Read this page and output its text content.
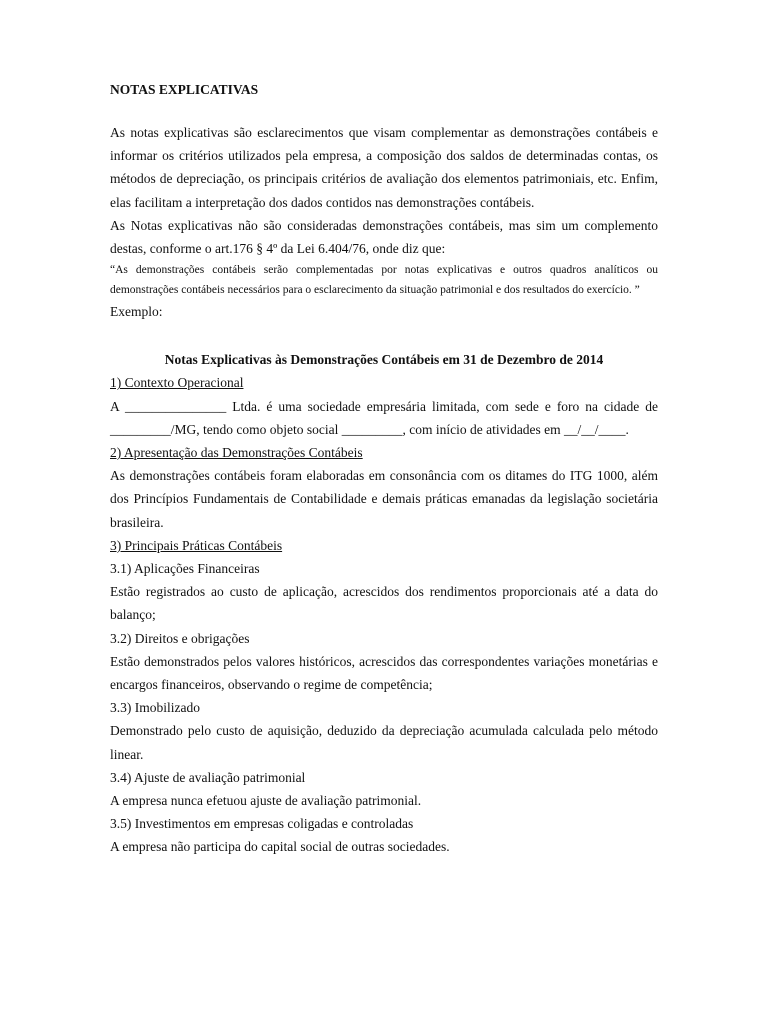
NOTAS EXPLICATIVAS

As notas explicativas são esclarecimentos que visam complementar as demonstrações contábeis e informar os critérios utilizados pela empresa, a composição dos saldos de determinadas contas, os métodos de depreciação, os principais critérios de avaliação dos elementos patrimoniais, etc. Enfim, elas facilitam a interpretação dos dados contidos nas demonstrações contábeis.

As Notas explicativas não são consideradas demonstrações contábeis, mas sim um complemento destas, conforme o art.176 § 4º da Lei 6.404/76, onde diz que:

“As demonstrações contábeis serão complementadas por notas explicativas e outros quadros analíticos ou demonstrações contábeis necessários para o esclarecimento da situação patrimonial e dos resultados do exercício. ”

Exemplo:

Notas Explicativas às Demonstrações Contábeis em 31 de Dezembro de 2014

1) Contexto Operacional

A _______________ Ltda. é uma sociedade empresária limitada, com sede e foro na cidade de _________/MG, tendo como objeto social _________, com início de atividades em __/__/____.

2) Apresentação das Demonstrações Contábeis

As demonstrações contábeis foram elaboradas em consonância com os ditames do ITG 1000, além dos Princípios Fundamentais de Contabilidade e demais práticas emanadas da legislação societária brasileira.

3) Principais Práticas Contábeis

3.1) Aplicações Financeiras

Estão registrados ao custo de aplicação, acrescidos dos rendimentos proporcionais até a data do balanço;

3.2) Direitos e obrigações

Estão demonstrados pelos valores históricos, acrescidos das correspondentes variações monetárias e encargos financeiros, observando o regime de competência;

3.3) Imobilizado

Demonstrado pelo custo de aquisição, deduzido da depreciação acumulada calculada pelo método linear.

3.4) Ajuste de avaliação patrimonial

A empresa nunca efetuou ajuste de avaliação patrimonial.

3.5) Investimentos em empresas coligadas e controladas

A empresa não participa do capital social de outras sociedades.
